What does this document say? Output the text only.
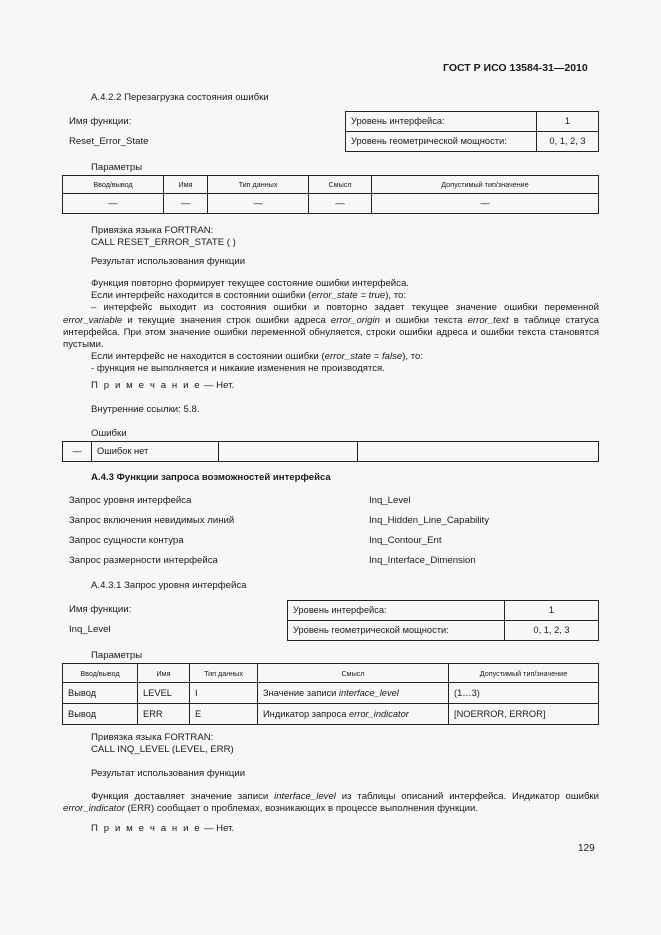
ГОСТ Р ИСО 13584-31—2010
А.4.2.2 Перезагрузка состояния ошибки
Имя функции:
Reset_Error_State
Уровень интерфейса:	1
Уровень геометрической мощности:	0, 1, 2, 3
Параметры
Ввод/вывод	Имя	Тип данных	Смысл	Допустимый тип/значение
—	—	—	—	—
Привязка языка FORTRAN:
CALL RESET_ERROR_STATE ( )
Результат использования функции

Функция повторно формирует текущее состояние ошибки интерфейса.

Если интерфейс находится в состоянии ошибки (error_state = true), то:

– интерфейс выходит из состояния ошибки и повторно задает текущее значение ошибки переменной error_variable и текущие значения строк ошибки адреса error_origin и ошибки текста error_text в таблице статуса интерфейса. При этом значение ошибки переменной обнуляется, строки ошибки адреса и ошибки текста становятся пустыми.

Если интерфейс не находится в состоянии ошибки (error_state = false), то:

- функция не выполняется и никакие изменения не производятся.

П р и м е ч а н и е — Нет.
Внутренние ссылки: 5.8.
Ошибки
—	Ошибок нет		
А.4.3 Функции запроса возможностей интерфейса
Запрос уровня интерфейса	Inq_Level
Запрос включения невидимых линий	Inq_Hidden_Line_Capability
Запрос сущности контура	Inq_Contour_Ent
Запрос размерности интерфейса	Inq_Interface_Dimension
А.4.3.1 Запрос уровня интерфейса
Имя функции:
Inq_Level
Уровень интерфейса:	1
Уровень геометрической мощности:	0, 1, 2, 3
Параметры
Ввод/вывод	Имя	Тип данных	Смысл	Допустимый тип/значение
Вывод	LEVEL	I	Значение записи interface_level	(1…3)
Вывод	ERR	E	Индикатор запроса error_indicator	[NOERROR, ERROR]
Привязка языка FORTRAN:
CALL INQ_LEVEL (LEVEL, ERR)
Результат использования функции

Функция доставляет значение записи interface_level из таблицы описаний интерфейса. Индикатор ошибки error_indicator (ERR) сообщает о проблемах, возникающих в процессе выполнения функции.

П р и м е ч а н и е — Нет.
129
